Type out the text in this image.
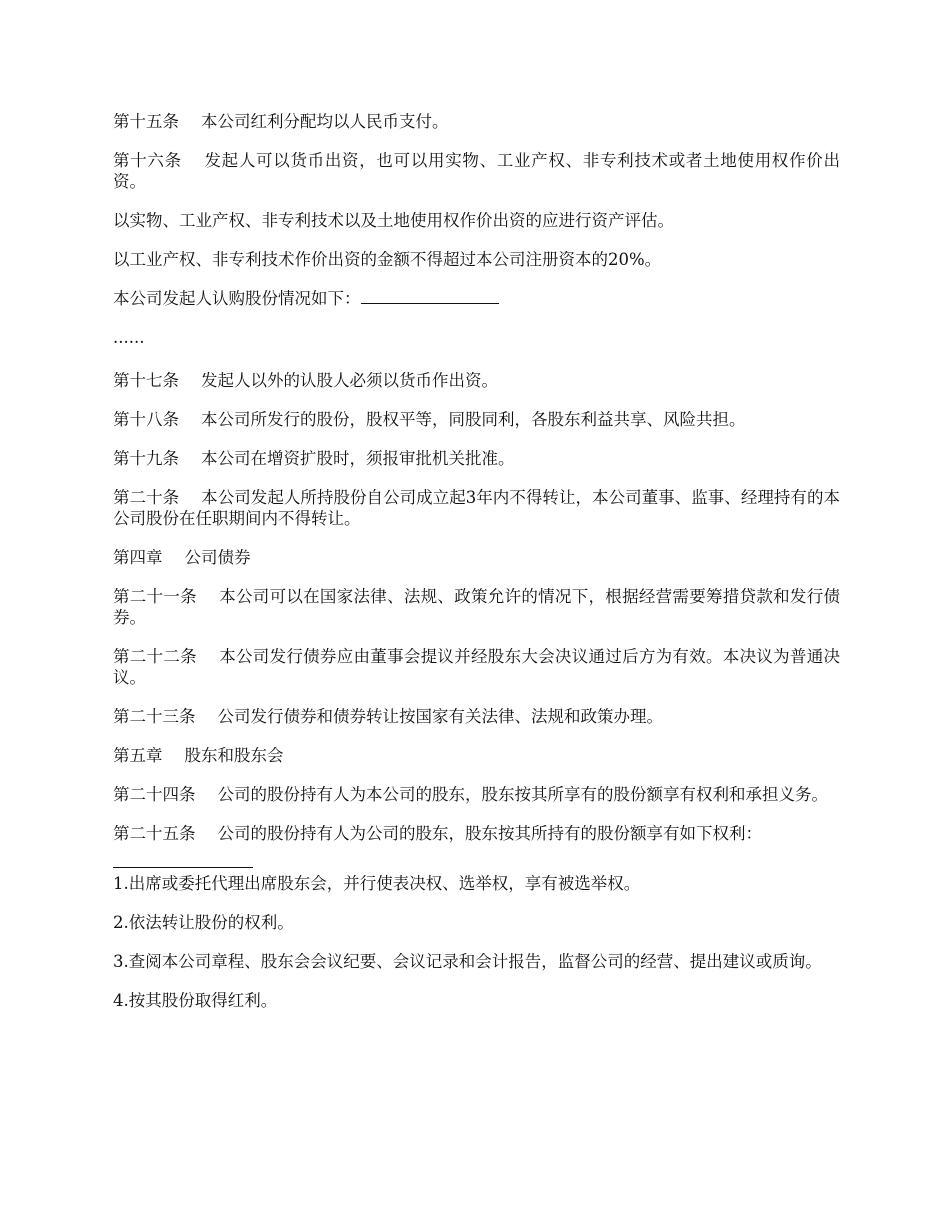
第十五条 本公司红利分配均以人民币支付。

第十六条 发起人可以货币出资，也可以用实物、工业产权、非专利技术或者土地使用权作价出资。

以实物、工业产权、非专利技术以及土地使用权作价出资的应进行资产评估。

以工业产权、非专利技术作价出资的金额不得超过本公司注册资本的20%。

本公司发起人认购股份情况如下：

......

第十七条 发起人以外的认股人必须以货币作出资。

第十八条 本公司所发行的股份，股权平等，同股同利，各股东利益共享、风险共担。

第十九条 本公司在增资扩股时，须报审批机关批准。

第二十条 本公司发起人所持股份自公司成立起3年内不得转让，本公司董事、监事、经理持有的本公司股份在任职期间内不得转让。

第四章 公司债券

第二十一条 本公司可以在国家法律、法规、政策允许的情况下，根据经营需要筹措贷款和发行债券。

第二十二条 本公司发行债券应由董事会提议并经股东大会决议通过后方为有效。本决议为普通决议。

第二十三条 公司发行债券和债券转让按国家有关法律、法规和政策办理。

第五章 股东和股东会

第二十四条 公司的股份持有人为本公司的股东，股东按其所享有的股份额享有权利和承担义务。

第二十五条 公司的股份持有人为公司的股东，股东按其所持有的股份额享有如下权利：

1.出席或委托代理出席股东会，并行使表决权、选举权，享有被选举权。

2.依法转让股份的权利。

3.查阅本公司章程、股东会会议纪要、会议记录和会计报告，监督公司的经营、提出建议或质询。

4.按其股份取得红利。
